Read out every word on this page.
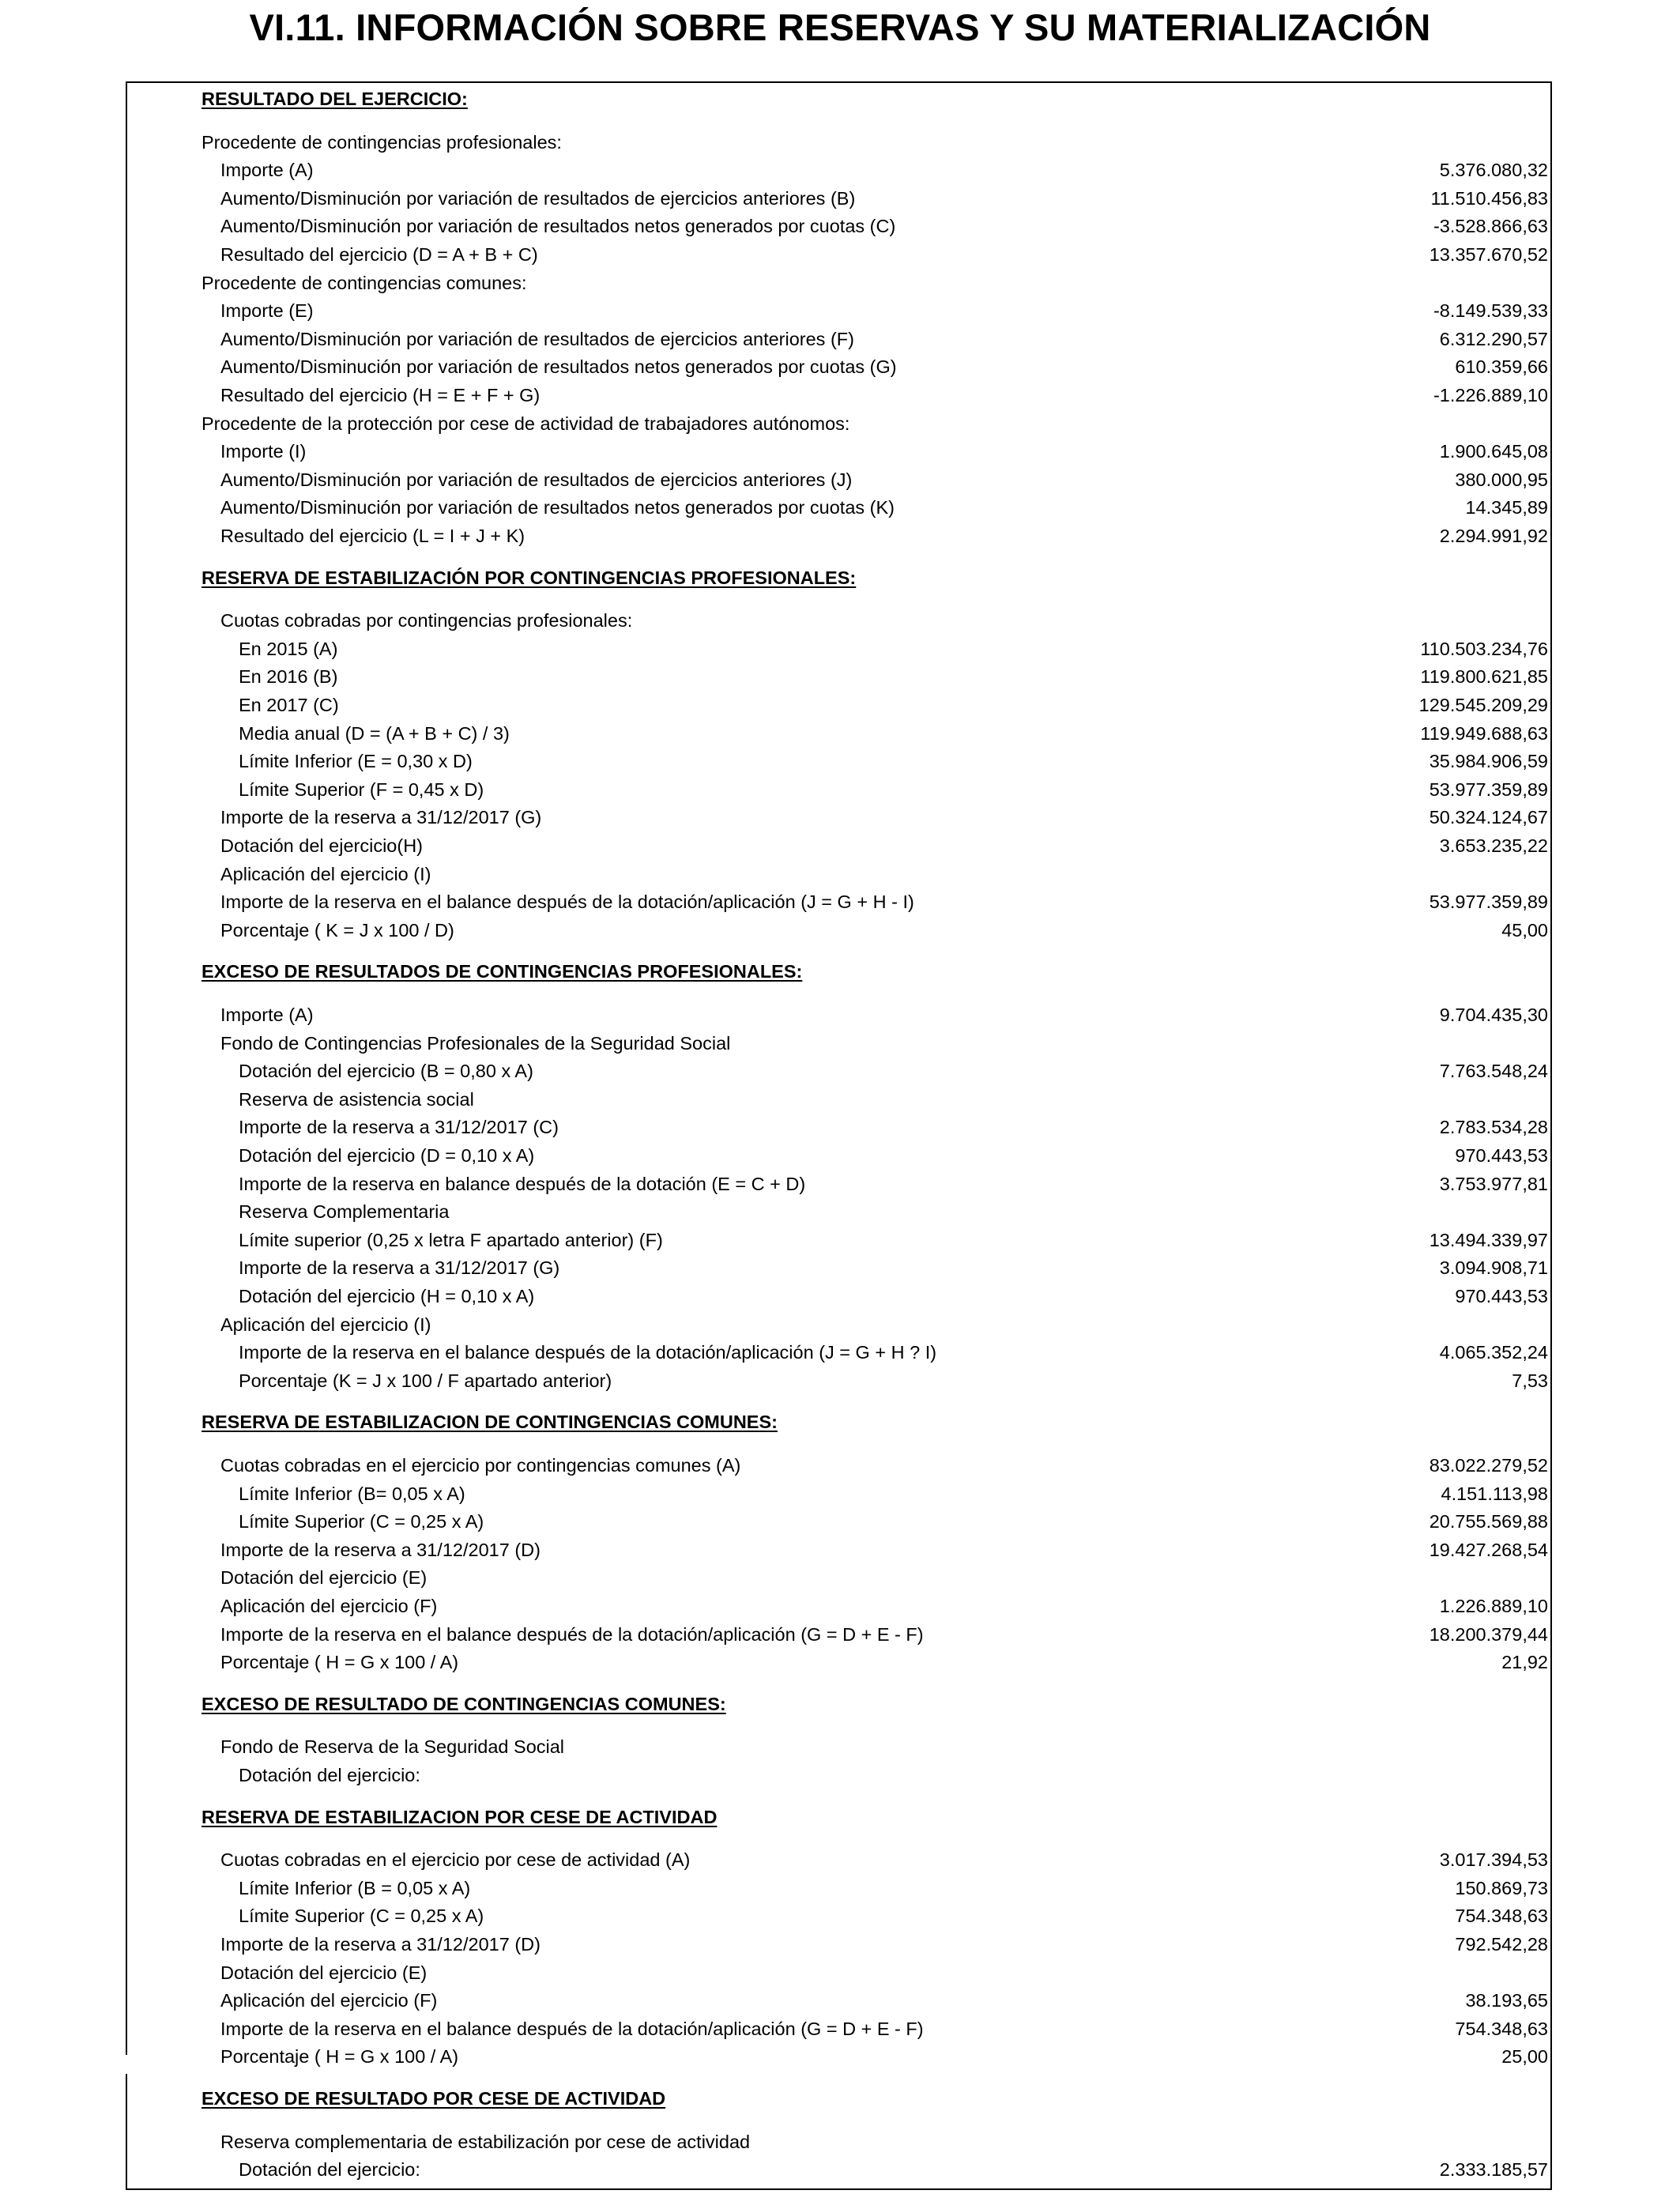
VI.11. INFORMACIÓN SOBRE RESERVAS Y SU MATERIALIZACIÓN
RESULTADO DEL EJERCICIO:
Procedente de contingencias profesionales:
Importe (A)	5.376.080,32
Aumento/Disminución por variación de resultados de ejercicios anteriores (B)	11.510.456,83
Aumento/Disminución por variación de resultados netos generados por cuotas (C)	-3.528.866,63
Resultado del ejercicio (D = A + B + C)	13.357.670,52
Procedente de contingencias comunes:
Importe (E)	-8.149.539,33
Aumento/Disminución por variación de resultados de ejercicios anteriores (F)	6.312.290,57
Aumento/Disminución por variación de resultados netos generados por cuotas (G)	610.359,66
Resultado del ejercicio (H = E + F + G)	-1.226.889,10
Procedente de la protección por cese de actividad de trabajadores autónomos:
Importe (I)	1.900.645,08
Aumento/Disminución por variación de resultados de ejercicios anteriores (J)	380.000,95
Aumento/Disminución por variación de resultados netos generados por cuotas (K)	14.345,89
Resultado del ejercicio (L = I + J + K)	2.294.991,92
RESERVA DE ESTABILIZACIÓN POR CONTINGENCIAS PROFESIONALES:
Cuotas cobradas por contingencias profesionales:
En 2015 (A)	110.503.234,76
En 2016 (B)	119.800.621,85
En 2017 (C)	129.545.209,29
Media anual (D = (A + B + C) / 3)	119.949.688,63
Límite Inferior (E = 0,30 x D)	35.984.906,59
Límite Superior (F = 0,45 x D)	53.977.359,89
Importe de la reserva a 31/12/2017 (G)	50.324.124,67
Dotación del ejercicio(H)	3.653.235,22
Aplicación del ejercicio (I)
Importe de la reserva en el balance después de la dotación/aplicación (J = G + H - I)	53.977.359,89
Porcentaje ( K = J x 100 / D)	45,00
EXCESO DE RESULTADOS DE CONTINGENCIAS PROFESIONALES:
Importe (A)	9.704.435,30
Fondo de Contingencias Profesionales de la Seguridad Social
Dotación del ejercicio (B = 0,80 x A)	7.763.548,24
Reserva de asistencia social
Importe de la reserva a 31/12/2017 (C)	2.783.534,28
Dotación del ejercicio (D = 0,10 x A)	970.443,53
Importe de la reserva en balance después de la dotación (E = C + D)	3.753.977,81
Reserva Complementaria
Límite superior (0,25 x letra F apartado anterior) (F)	13.494.339,97
Importe de la reserva a 31/12/2017 (G)	3.094.908,71
Dotación del ejercicio (H = 0,10 x A)	970.443,53
Aplicación del ejercicio (I)
Importe de la reserva en el balance después de la dotación/aplicación (J = G + H ? I)	4.065.352,24
Porcentaje (K = J x 100 / F apartado anterior)	7,53
RESERVA DE ESTABILIZACION DE CONTINGENCIAS COMUNES:
Cuotas cobradas en el ejercicio por contingencias comunes (A)	83.022.279,52
Límite Inferior (B= 0,05 x A)	4.151.113,98
Límite Superior (C = 0,25 x A)	20.755.569,88
Importe de la reserva a 31/12/2017 (D)	19.427.268,54
Dotación del ejercicio (E)
Aplicación del ejercicio (F)	1.226.889,10
Importe de la reserva en el balance después de la dotación/aplicación (G = D + E - F)	18.200.379,44
Porcentaje ( H = G x 100 / A)	21,92
EXCESO DE RESULTADO DE CONTINGENCIAS COMUNES:
Fondo de Reserva de la Seguridad Social
Dotación del ejercicio:
RESERVA DE ESTABILIZACION POR CESE DE ACTIVIDAD
Cuotas cobradas en el ejercicio por cese de actividad (A)	3.017.394,53
Límite Inferior (B = 0,05 x A)	150.869,73
Límite Superior (C = 0,25 x A)	754.348,63
Importe de la reserva a 31/12/2017 (D)	792.542,28
Dotación del ejercicio (E)
Aplicación del ejercicio (F)	38.193,65
Importe de la reserva en el balance después de la dotación/aplicación (G = D + E - F)	754.348,63
Porcentaje ( H = G x 100 / A)	25,00
EXCESO DE RESULTADO POR CESE DE ACTIVIDAD
Reserva complementaria de estabilización por cese de actividad
Dotación del ejercicio:	2.333.185,57
